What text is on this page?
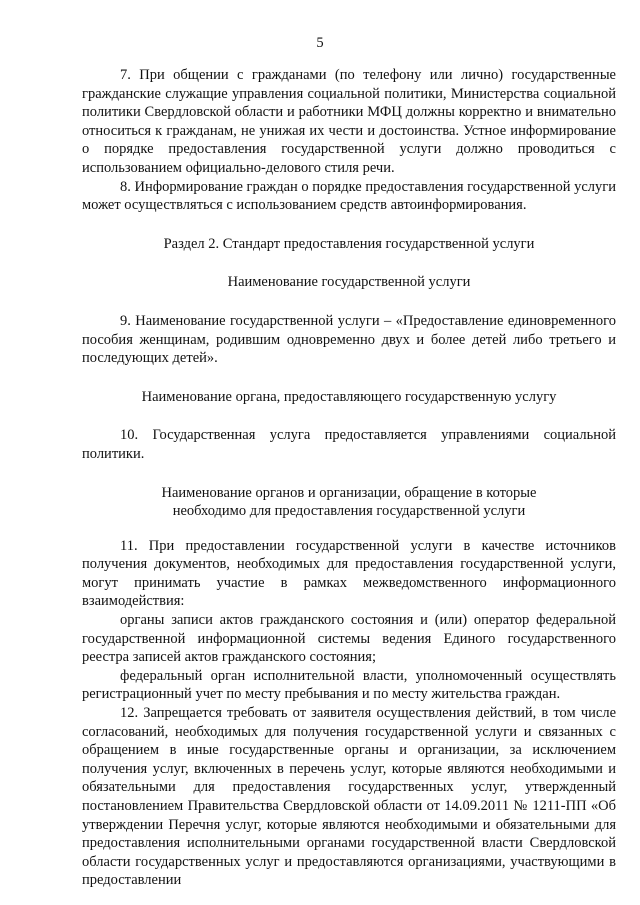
5

7. При общении с гражданами (по телефону или лично) государственные гражданские служащие управления социальной политики, Министерства социальной политики Свердловской области и работники МФЦ должны корректно и внимательно относиться к гражданам, не унижая их чести и достоинства. Устное информирование о порядке предоставления государственной услуги должно проводиться с использованием официально-делового стиля речи.

8. Информирование граждан о порядке предоставления государственной услуги может осуществляться с использованием средств автоинформирования.

Раздел 2. Стандарт предоставления государственной услуги
Наименование государственной услуги

9. Наименование государственной услуги – «Предоставление единовременного пособия женщинам, родившим одновременно двух и более детей либо третьего и последующих детей».

Наименование органа, предоставляющего государственную услугу

10. Государственная услуга предоставляется управлениями социальной политики.

Наименование органов и организации, обращение в которые необходимо для предоставления государственной услуги

11. При предоставлении государственной услуги в качестве источников получения документов, необходимых для предоставления государственной услуги, могут принимать участие в рамках межведомственного информационного взаимодействия:

органы записи актов гражданского состояния и (или) оператор федеральной государственной информационной системы ведения Единого государственного реестра записей актов гражданского состояния;

федеральный орган исполнительной власти, уполномоченный осуществлять регистрационный учет по месту пребывания и по месту жительства граждан.

12. Запрещается требовать от заявителя осуществления действий, в том числе согласований, необходимых для получения государственной услуги и связанных с обращением в иные государственные органы и организации, за исключением получения услуг, включенных в перечень услуг, которые являются необходимыми и обязательными для предоставления государственных услуг, утвержденный постановлением Правительства Свердловской области от 14.09.2011 № 1211-ПП «Об утверждении Перечня услуг, которые являются необходимыми и обязательными для предоставления исполнительными органами государственной власти Свердловской области государственных услуг и предоставляются организациями, участвующими в предоставлении
